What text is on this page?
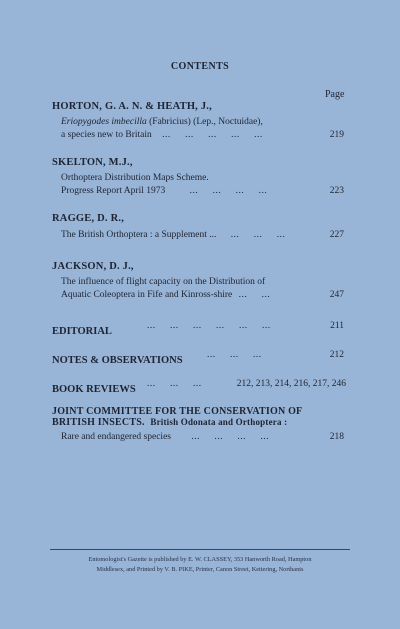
CONTENTS
Page
HORTON, G. A. N. & HEATH, J.,
Eriopygodes imbecilla (Fabricius) (Lep., Noctuidae),
a species new to Britain ...     ...     ...     ...     ...	219
SKELTON, M.J.,
Orthoptera Distribution Maps Scheme.
Progress Report April 1973	...     ...     ...     ...	223
RAGGE, D. R.,
The British Orthoptera : a Supplement ...     ...     ...     ...	227
JACKSON, D. J.,
The influence of flight capacity on the Distribution of
Aquatic Coleoptera in Fife and Kinross-shire ...     ...	247
EDITORIAL	...     ...     ...     ...     ...     ...	211
NOTES & OBSERVATIONS	...     ...     ...	212
BOOK REVIEWS ...     ...     ...	212, 213, 214, 216, 217, 246
JOINT COMMITTEE FOR THE CONSERVATION OF
BRITISH INSECTS. British Odonata and Orthoptera :
Rare and endangered species ...     ...     ...     ...	218
Entomologist's Gazette is published by E. W. CLASSEY, 353 Hanworth Road, Hampton
Middlesex, and Printed by V. B. PIKE, Printer, Canon Street, Kettering, Northants
